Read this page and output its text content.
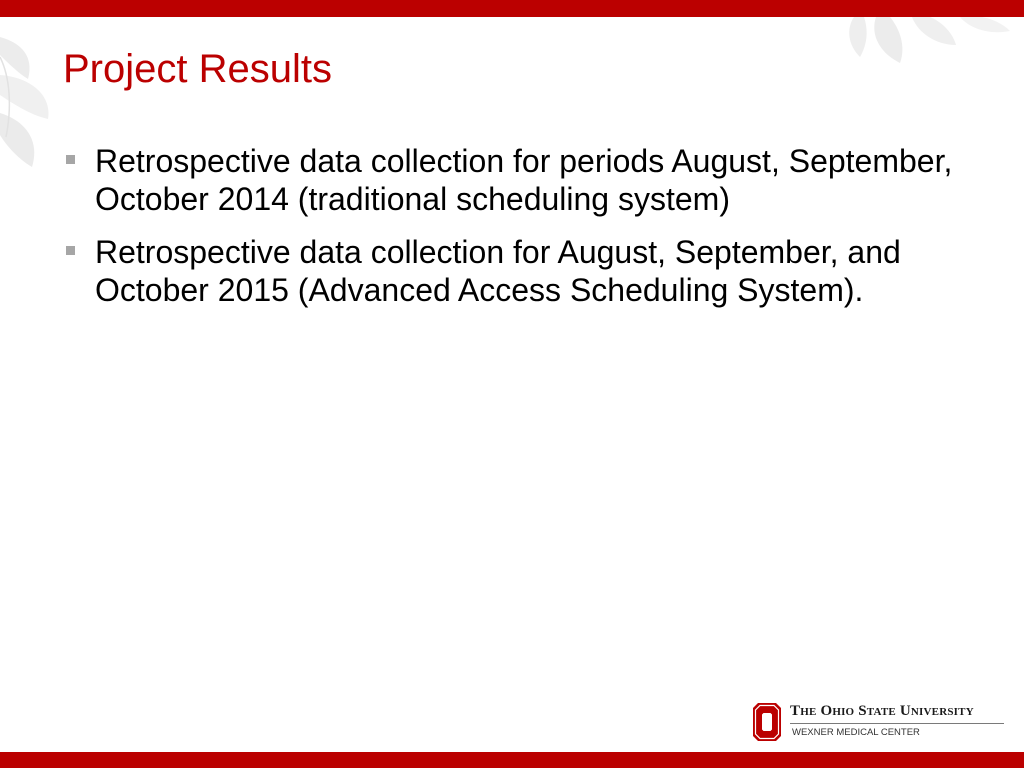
Project Results
Retrospective data collection for periods August, September, October 2014 (traditional scheduling system)
Retrospective data collection for August, September, and October 2015 (Advanced Access Scheduling System).
The Ohio State University
WEXNER MEDICAL CENTER
